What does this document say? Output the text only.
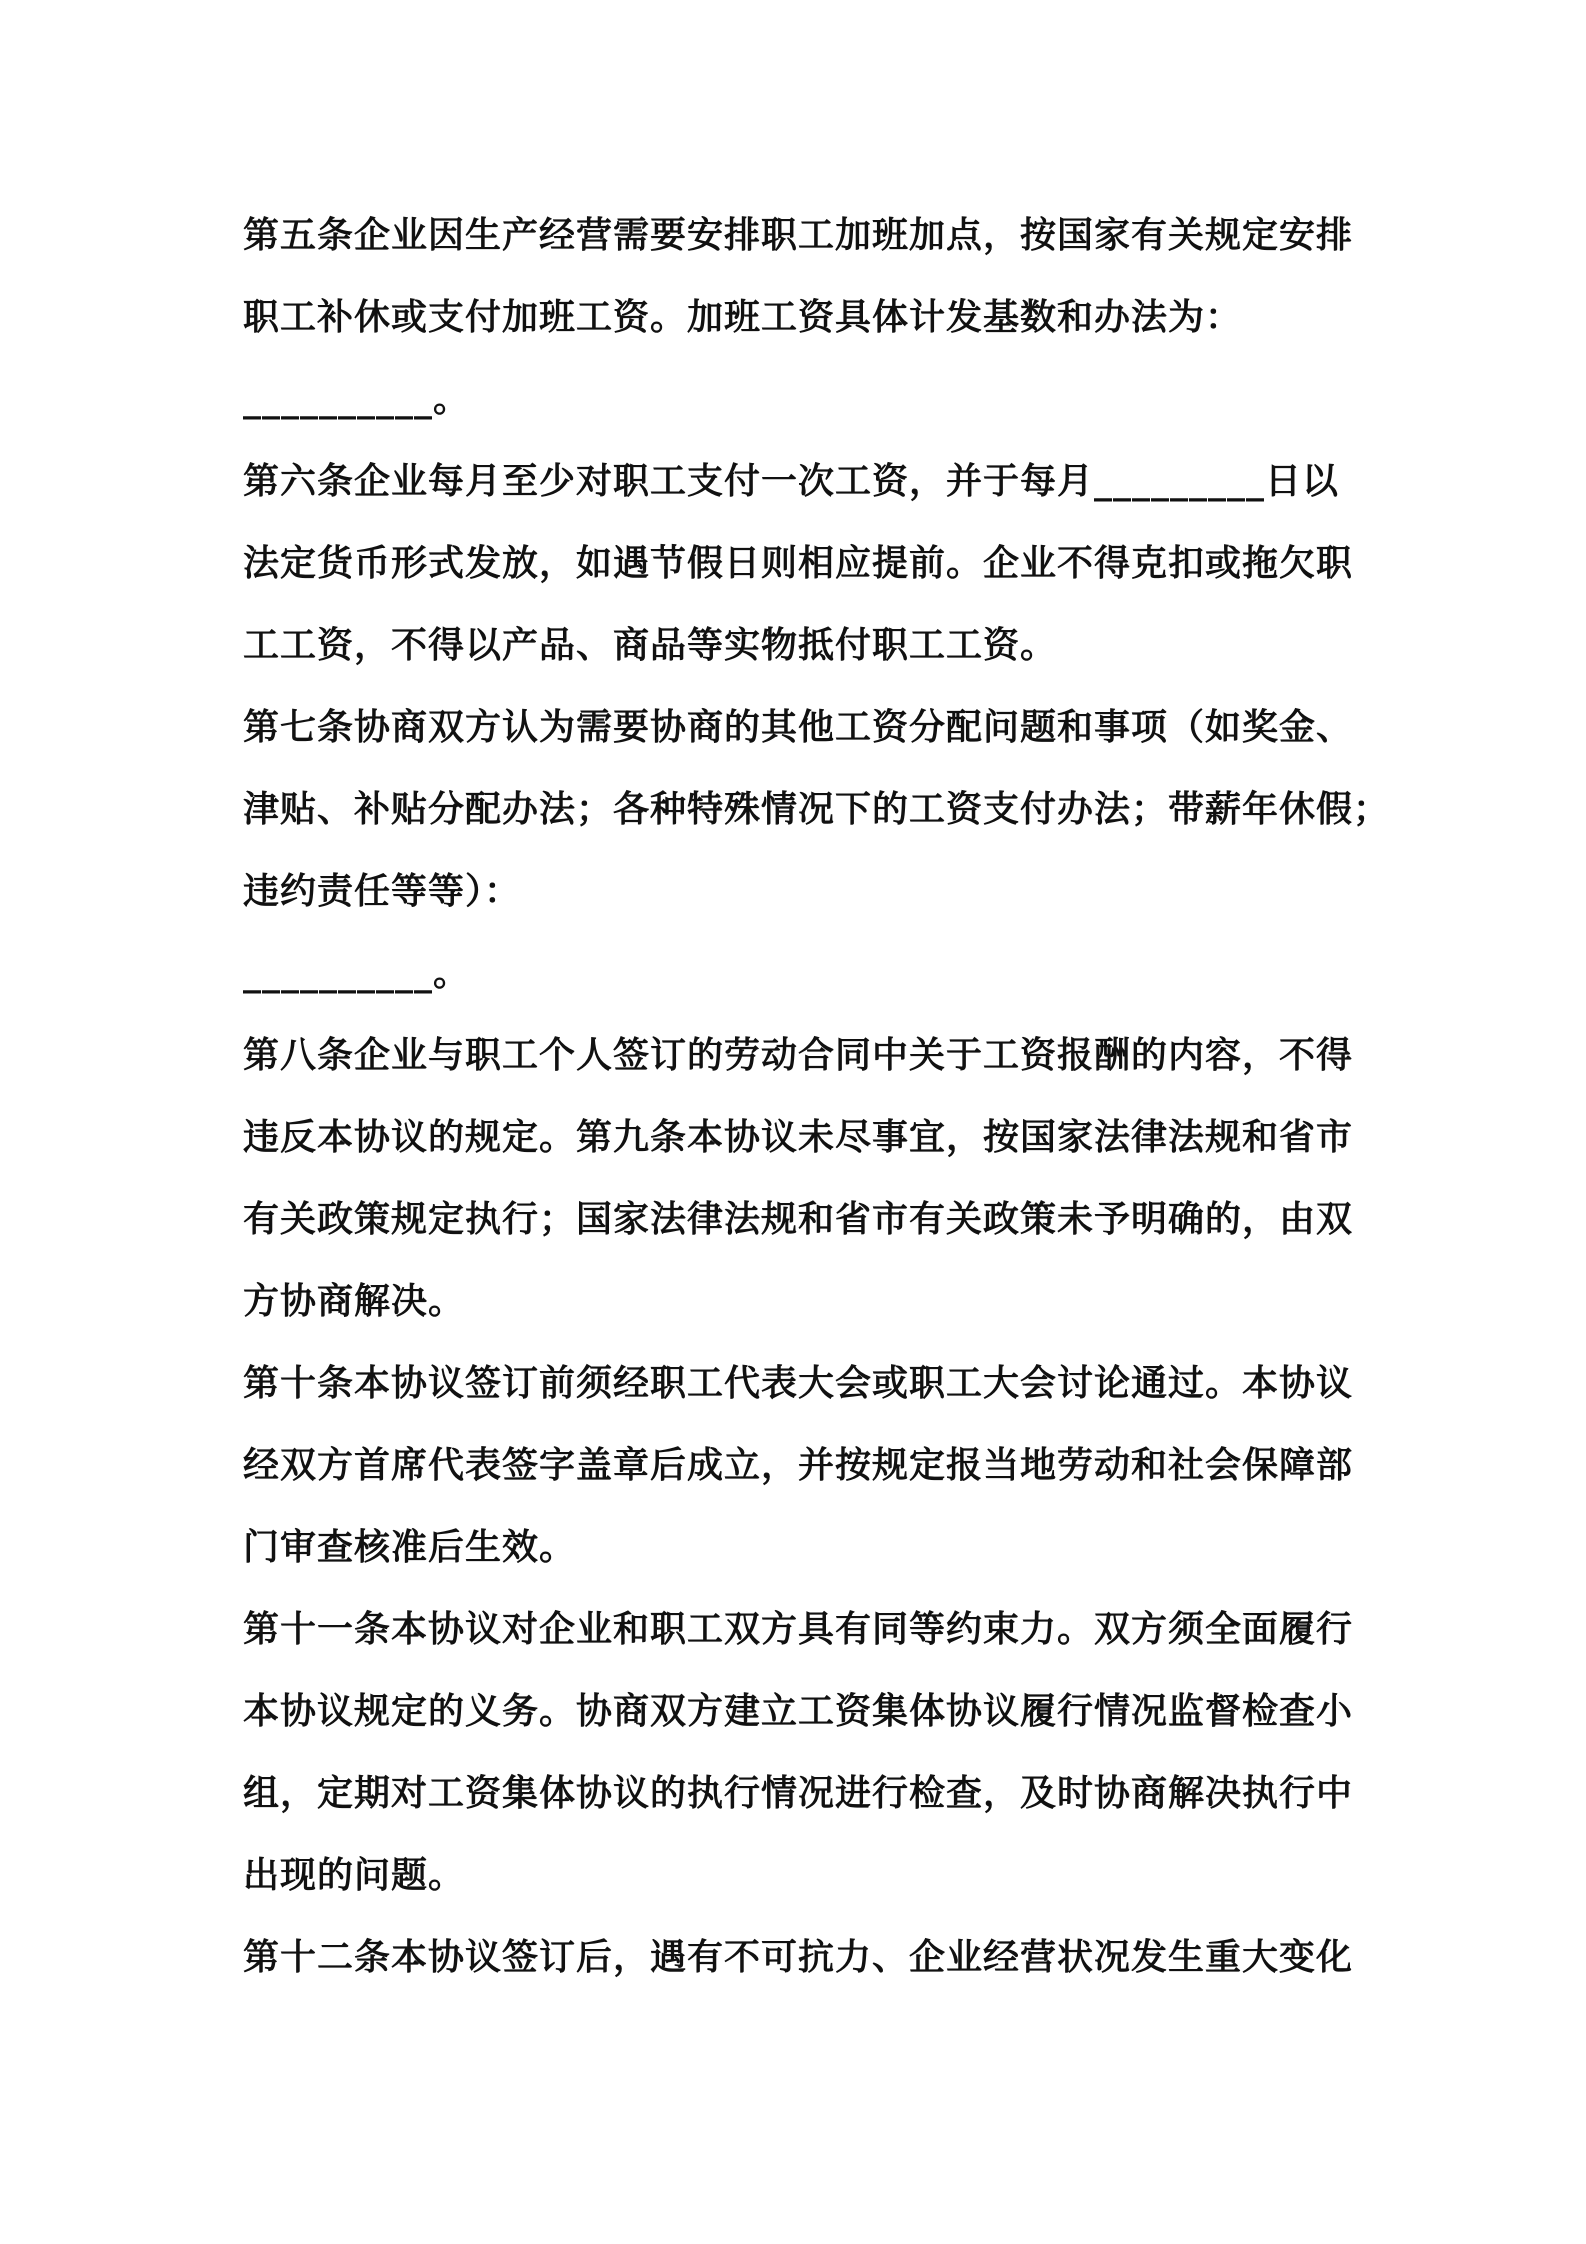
第五条企业因生产经营需要安排职工加班加点，按国家有关规定安排
职工补休或支付加班工资。加班工资具体计发基数和办法为：
__________。
第六条企业每月至少对职工支付一次工资，并于每月_________日以
法定货币形式发放，如遇节假日则相应提前。企业不得克扣或拖欠职
工工资，不得以产品、商品等实物抵付职工工资。
第七条协商双方认为需要协商的其他工资分配问题和事项（如奖金、
津贴、补贴分配办法；各种特殊情况下的工资支付办法；带薪年休假；
违约责任等等）：
__________。
第八条企业与职工个人签订的劳动合同中关于工资报酬的内容，不得
违反本协议的规定。第九条本协议未尽事宜，按国家法律法规和省市
有关政策规定执行；国家法律法规和省市有关政策未予明确的，由双
方协商解决。
第十条本协议签订前须经职工代表大会或职工大会讨论通过。本协议
经双方首席代表签字盖章后成立，并按规定报当地劳动和社会保障部
门审查核准后生效。
第十一条本协议对企业和职工双方具有同等约束力。双方须全面履行
本协议规定的义务。协商双方建立工资集体协议履行情况监督检查小
组，定期对工资集体协议的执行情况进行检查，及时协商解决执行中
出现的问题。
第十二条本协议签订后，遇有不可抗力、企业经营状况发生重大变化
